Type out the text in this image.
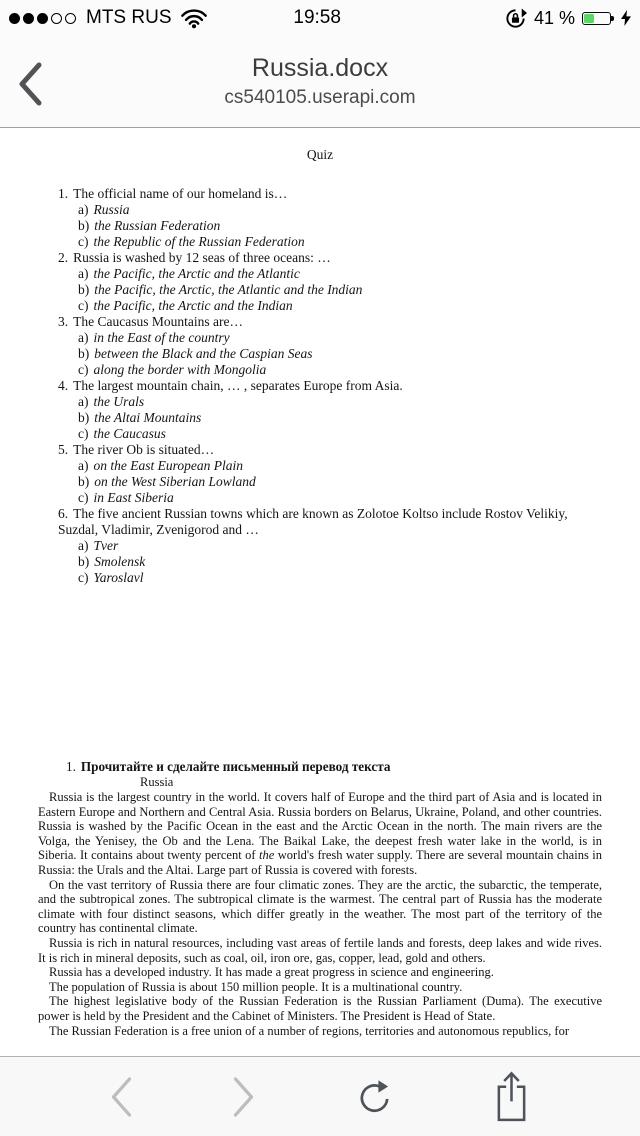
MTS RUS	19:58	41 %
Russia.docx
cs540105.userapi.com
Quiz
1. The official name of our homeland is…
a) Russia
b) the Russian Federation
c) the Republic of the Russian Federation
2. Russia is washed by 12 seas of three oceans: …
a) the Pacific, the Arctic and the Atlantic
b) the Pacific, the Arctic, the Atlantic and the Indian
c) the Pacific, the Arctic and the Indian
3. The Caucasus Mountains are…
a) in the East of the country
b) between the Black and the Caspian Seas
c) along the border with Mongolia
4. The largest mountain chain, … , separates Europe from Asia.
a) the Urals
b) the Altai Mountains
c) the Caucasus
5. The river Ob is situated…
a) on the East European Plain
b) on the West Siberian Lowland
c) in East Siberia
6. The five ancient Russian towns which are known as Zolotoe Koltso include Rostov Velikiy, Suzdal, Vladimir, Zvenigorod and …
a) Tver
b) Smolensk
c) Yaroslavl
1. Прочитайте и сделайте письменный перевод текста
Russia

Russia is the largest country in the world. It covers half of Europe and the third part of Asia and is located in Eastern Europe and Northern and Central Asia. Russia borders on Belarus, Ukraine, Poland, and other countries. Russia is washed by the Pacific Ocean in the east and the Arctic Ocean in the north. The main rivers are the Volga, the Yenisey, the Ob and the Lena. The Baikal Lake, the deepest fresh water lake in the world, is in Siberia. It contains about twenty percent of the world's fresh water supply. There are several mountain chains in Russia: the Urals and the Altai. Large part of Russia is covered with forests.

On the vast territory of Russia there are four climatic zones. They are the arctic, the subarctic, the temperate, and the subtropical zones. The subtropical climate is the warmest. The central part of Russia has the moderate climate with four distinct seasons, which differ greatly in the weather. The most part of the territory of the country has continental climate.

Russia is rich in natural resources, including vast areas of fertile lands and forests, deep lakes and wide rives. It is rich in mineral deposits, such as coal, oil, iron ore, gas, copper, lead, gold and others.

Russia has a developed industry. It has made a great progress in science and engineering.

The population of Russia is about 150 million people. It is a multinational country.

The highest legislative body of the Russian Federation is the Russian Parliament (Duma). The executive power is held by the President and the Cabinet of Ministers. The President is Head of State.

The Russian Federation is a free union of a number of regions, territories and autonomous republics, for
